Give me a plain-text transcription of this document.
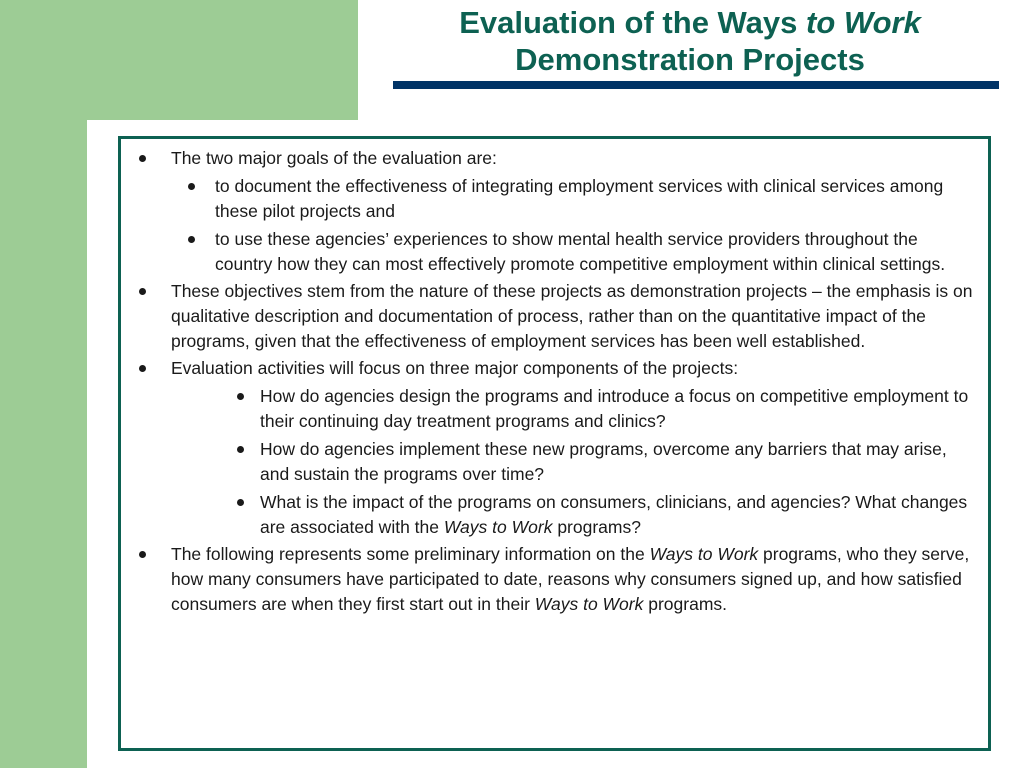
Evaluation of the Ways to Work
Demonstration Projects
The two major goals of the evaluation are:
to document the effectiveness of integrating employment services with clinical services among these pilot projects and
to use these agencies’ experiences to show mental health service providers throughout the country how they can most effectively promote competitive employment within clinical settings.
These objectives stem from the nature of these projects as demonstration projects – the emphasis is on qualitative description and documentation of process, rather than on the quantitative impact of the programs, given that the effectiveness of employment services has been well established.
Evaluation activities will focus on three major components of the projects:
How do agencies design the programs and introduce a focus on competitive employment to their continuing day treatment programs and clinics?
How do agencies implement these new programs, overcome any barriers that may arise, and sustain the programs over time?
What is the impact of the programs on consumers, clinicians, and agencies? What changes are associated with the Ways to Work programs?
The following represents some preliminary information on the Ways to Work programs, who they serve, how many consumers have participated to date, reasons why consumers signed up, and how satisfied consumers are when they first start out in their Ways to Work programs.
